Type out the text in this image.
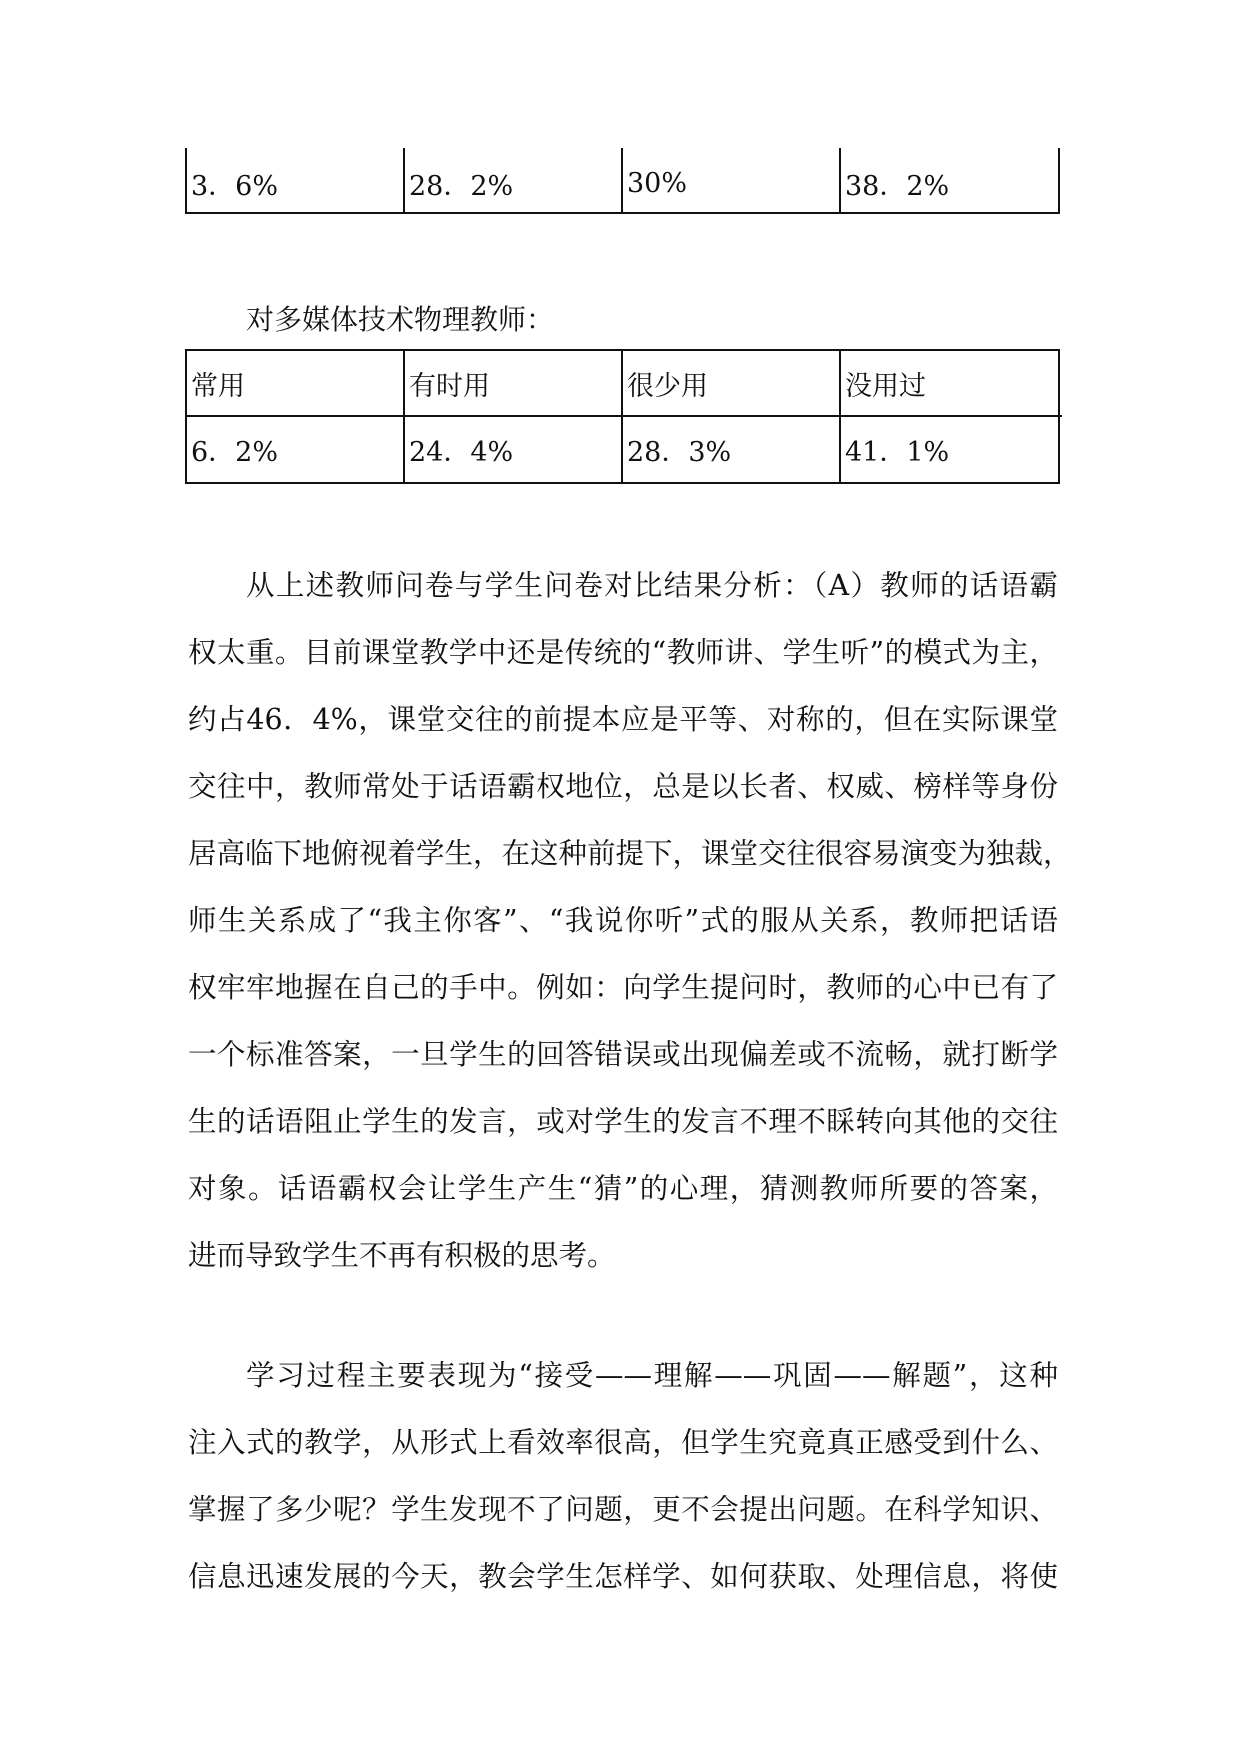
3．6%	28．2%	30%	38．2%
对多媒体技术物理教师：
常用	有时用	很少用	没用过
6．2%	24．4%	28．3%	41．1%
从上述教师问卷与学生问卷对比结果分析：（A）教师的话语霸
权太重。目前课堂教学中还是传统的“教师讲、学生听”的模式为主，
约占46．4%，课堂交往的前提本应是平等、对称的，但在实际课堂
交往中，教师常处于话语霸权地位，总是以长者、权威、榜样等身份
居高临下地俯视着学生，在这种前提下，课堂交往很容易演变为独裁，
师生关系成了“我主你客”、“我说你听”式的服从关系，教师把话语
权牢牢地握在自己的手中。例如：向学生提问时，教师的心中已有了
一个标准答案，一旦学生的回答错误或出现偏差或不流畅，就打断学
生的话语阻止学生的发言，或对学生的发言不理不睬转向其他的交往
对象。话语霸权会让学生产生“猜”的心理，猜测教师所要的答案，
进而导致学生不再有积极的思考。
学习过程主要表现为“接受——理解——巩固——解题”，这种
注入式的教学，从形式上看效率很高，但学生究竟真正感受到什么、
掌握了多少呢？学生发现不了问题，更不会提出问题。在科学知识、
信息迅速发展的今天，教会学生怎样学、如何获取、处理信息，将使
